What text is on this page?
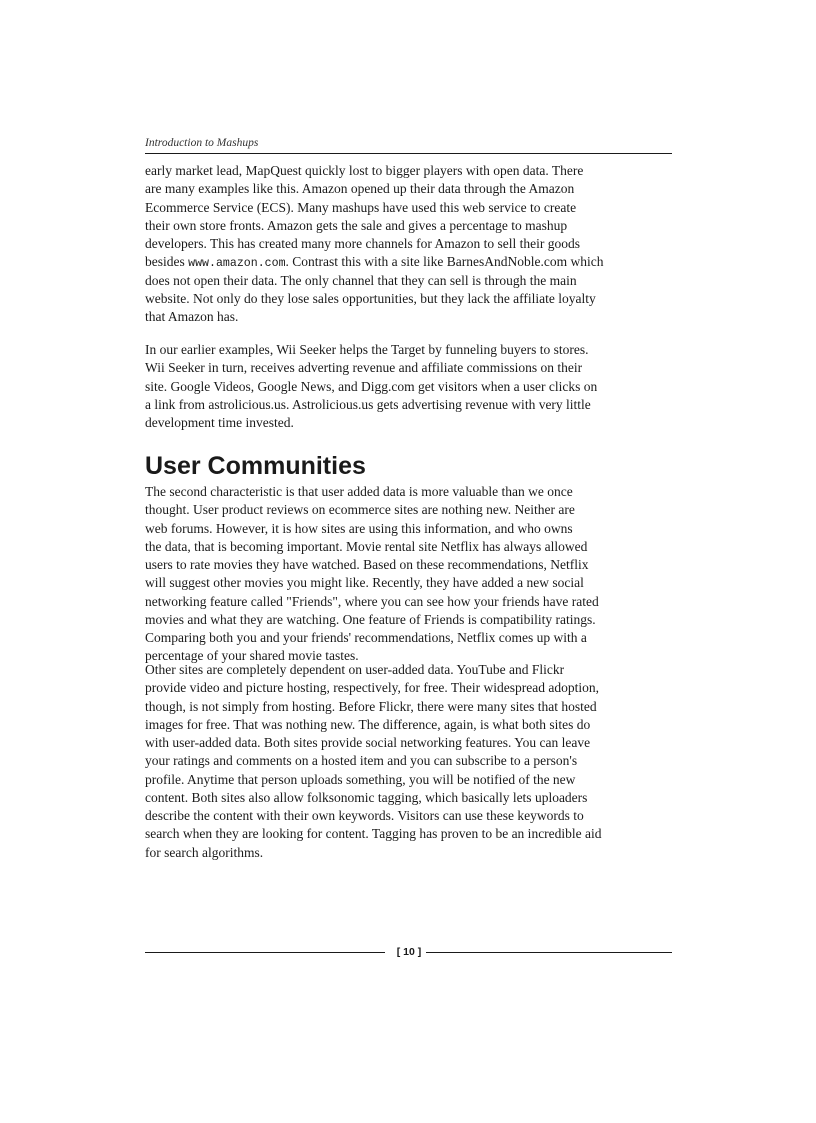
Introduction to Mashups

early market lead, MapQuest quickly lost to bigger players with open data. There
are many examples like this. Amazon opened up their data through the Amazon
Ecommerce Service (ECS). Many mashups have used this web service to create
their own store fronts. Amazon gets the sale and gives a percentage to mashup
developers. This has created many more channels for Amazon to sell their goods
besides www.amazon.com. Contrast this with a site like BarnesAndNoble.com which
does not open their data. The only channel that they can sell is through the main
website. Not only do they lose sales opportunities, but they lack the affiliate loyalty
that Amazon has.

In our earlier examples, Wii Seeker helps the Target by funneling buyers to stores.
Wii Seeker in turn, receives adverting revenue and affiliate commissions on their
site. Google Videos, Google News, and Digg.com get visitors when a user clicks on
a link from astrolicious.us. Astrolicious.us gets advertising revenue with very little
development time invested.

User Communities

The second characteristic is that user added data is more valuable than we once
thought. User product reviews on ecommerce sites are nothing new. Neither are
web forums. However, it is how sites are using this information, and who owns
the data, that is becoming important. Movie rental site Netflix has always allowed
users to rate movies they have watched. Based on these recommendations, Netflix
will suggest other movies you might like. Recently, they have added a new social
networking feature called "Friends", where you can see how your friends have rated
movies and what they are watching. One feature of Friends is compatibility ratings.
Comparing both you and your friends' recommendations, Netflix comes up with a
percentage of your shared movie tastes.

Other sites are completely dependent on user-added data. YouTube and Flickr
provide video and picture hosting, respectively, for free. Their widespread adoption,
though, is not simply from hosting. Before Flickr, there were many sites that hosted
images for free. That was nothing new. The difference, again, is what both sites do
with user-added data. Both sites provide social networking features. You can leave
your ratings and comments on a hosted item and you can subscribe to a person's
profile. Anytime that person uploads something, you will be notified of the new
content. Both sites also allow folksonomic tagging, which basically lets uploaders
describe the content with their own keywords. Visitors can use these keywords to
search when they are looking for content. Tagging has proven to be an incredible aid
for search algorithms.

[ 10 ]
